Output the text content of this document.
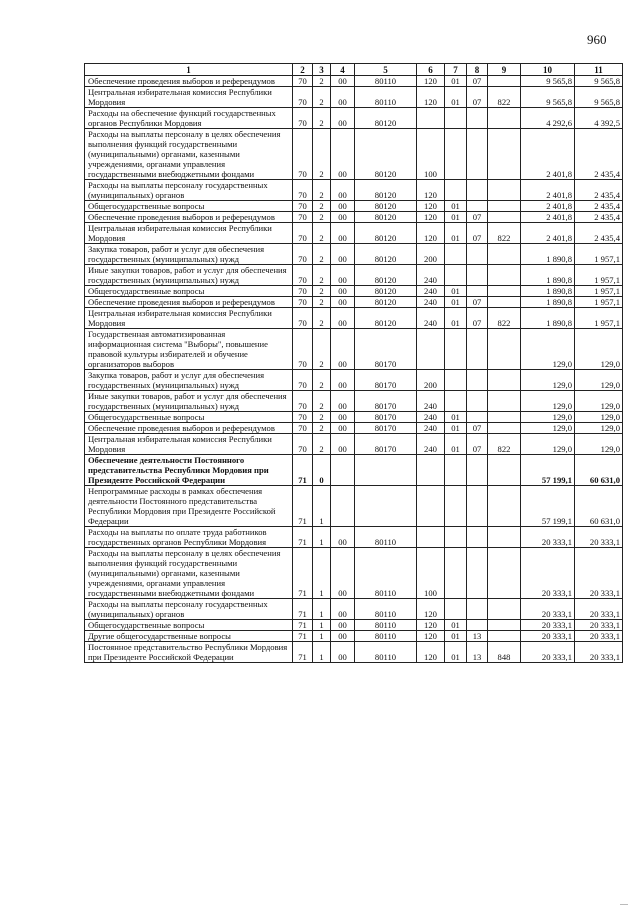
960
1	2	3	4	5	6	7	8	9	10	11
Обеспечение проведения выборов и референдумов	70	2	00	80110	120	01	07		9 565,8	9 565,8
Центральная избирательная комиссия Республики Мордовия	70	2	00	80110	120	01	07	822	9 565,8	9 565,8
Расходы на обеспечение функций государственных органов Республики Мордовия	70	2	00	80120					4 292,6	4 392,5
Расходы на выплаты персоналу в целях обеспечения выполнения функций государственными (муниципальными) органами, казенными учреждениями, органами управления государственными внебюджетными фондами	70	2	00	80120	100				2 401,8	2 435,4
Расходы на выплаты персоналу государственных (муниципальных) органов	70	2	00	80120	120				2 401,8	2 435,4
Общегосударственные вопросы	70	2	00	80120	120	01			2 401,8	2 435,4
Обеспечение проведения выборов и референдумов	70	2	00	80120	120	01	07		2 401,8	2 435,4
Центральная избирательная комиссия Республики Мордовия	70	2	00	80120	120	01	07	822	2 401,8	2 435,4
Закупка товаров, работ и услуг для обеспечения государственных (муниципальных) нужд	70	2	00	80120	200				1 890,8	1 957,1
Иные закупки товаров, работ и услуг для обеспечения государственных (муниципальных) нужд	70	2	00	80120	240				1 890,8	1 957,1
Общегосударственные вопросы	70	2	00	80120	240	01			1 890,8	1 957,1
Обеспечение проведения выборов и референдумов	70	2	00	80120	240	01	07		1 890,8	1 957,1
Центральная избирательная комиссия Республики Мордовия	70	2	00	80120	240	01	07	822	1 890,8	1 957,1
Государственная автоматизированная информационная система "Выборы", повышение правовой культуры избирателей и обучение организаторов выборов	70	2	00	80170					129,0	129,0
Закупка товаров, работ и услуг для обеспечения государственных (муниципальных) нужд	70	2	00	80170	200				129,0	129,0
Иные закупки товаров, работ и услуг для обеспечения государственных (муниципальных) нужд	70	2	00	80170	240				129,0	129,0
Общегосударственные вопросы	70	2	00	80170	240	01			129,0	129,0
Обеспечение проведения выборов и референдумов	70	2	00	80170	240	01	07		129,0	129,0
Центральная избирательная комиссия Республики Мордовия	70	2	00	80170	240	01	07	822	129,0	129,0
Обеспечение деятельности Постоянного представительства Республики Мордовия при Президенте Российской Федерации	71	0							57 199,1	60 631,0
Непрограммные расходы в рамках обеспечения деятельности Постоянного представительства Республики Мордовия при Президенте Российской Федерации	71	1							57 199,1	60 631,0
Расходы на выплаты по оплате труда работников государственных органов Республики Мордовия	71	1	00	80110					20 333,1	20 333,1
Расходы на выплаты персоналу в целях обеспечения выполнения функций государственными (муниципальными) органами, казенными учреждениями, органами управления государственными внебюджетными фондами	71	1	00	80110	100				20 333,1	20 333,1
Расходы на выплаты персоналу государственных (муниципальных) органов	71	1	00	80110	120				20 333,1	20 333,1
Общегосударственные вопросы	71	1	00	80110	120	01			20 333,1	20 333,1
Другие общегосударственные вопросы	71	1	00	80110	120	01	13		20 333,1	20 333,1
Постоянное представительство Республики Мордовия при Президенте Российской Федерации	71	1	00	80110	120	01	13	848	20 333,1	20 333,1
